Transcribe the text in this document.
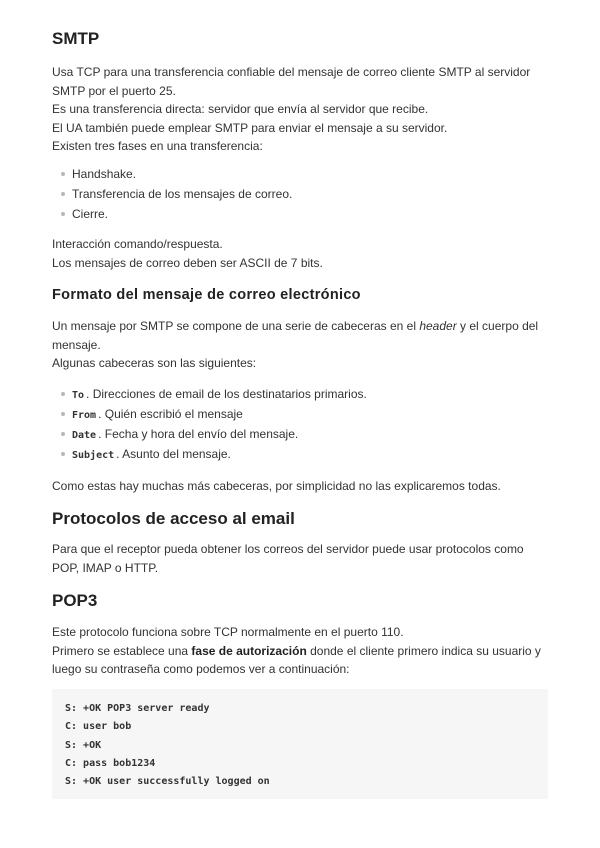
SMTP
Usa TCP para una transferencia confiable del mensaje de correo cliente SMTP al servidor
SMTP por el puerto 25.
Es una transferencia directa: servidor que envía al servidor que recibe.
El UA también puede emplear SMTP para enviar el mensaje a su servidor.
Existen tres fases en una transferencia:
Handshake.
Transferencia de los mensajes de correo.
Cierre.
Interacción comando/respuesta.
Los mensajes de correo deben ser ASCII de 7 bits.
Formato del mensaje de correo electrónico
Un mensaje por SMTP se compone de una serie de cabeceras en el header y el cuerpo del
mensaje.
Algunas cabeceras son las siguientes:
To . Direcciones de email de los destinatarios primarios.
From . Quién escribió el mensaje
Date . Fecha y hora del envío del mensaje.
Subject . Asunto del mensaje.
Como estas hay muchas más cabeceras, por simplicidad no las explicaremos todas.
Protocolos de acceso al email
Para que el receptor pueda obtener los correos del servidor puede usar protocolos como
POP, IMAP o HTTP.
POP3
Este protocolo funciona sobre TCP normalmente en el puerto 110.
Primero se establece una fase de autorización donde el cliente primero indica su usuario y
luego su contraseña como podemos ver a continuación:
S: +OK POP3 server ready
C: user bob
S: +OK
C: pass bob1234
S: +OK user successfully logged on
